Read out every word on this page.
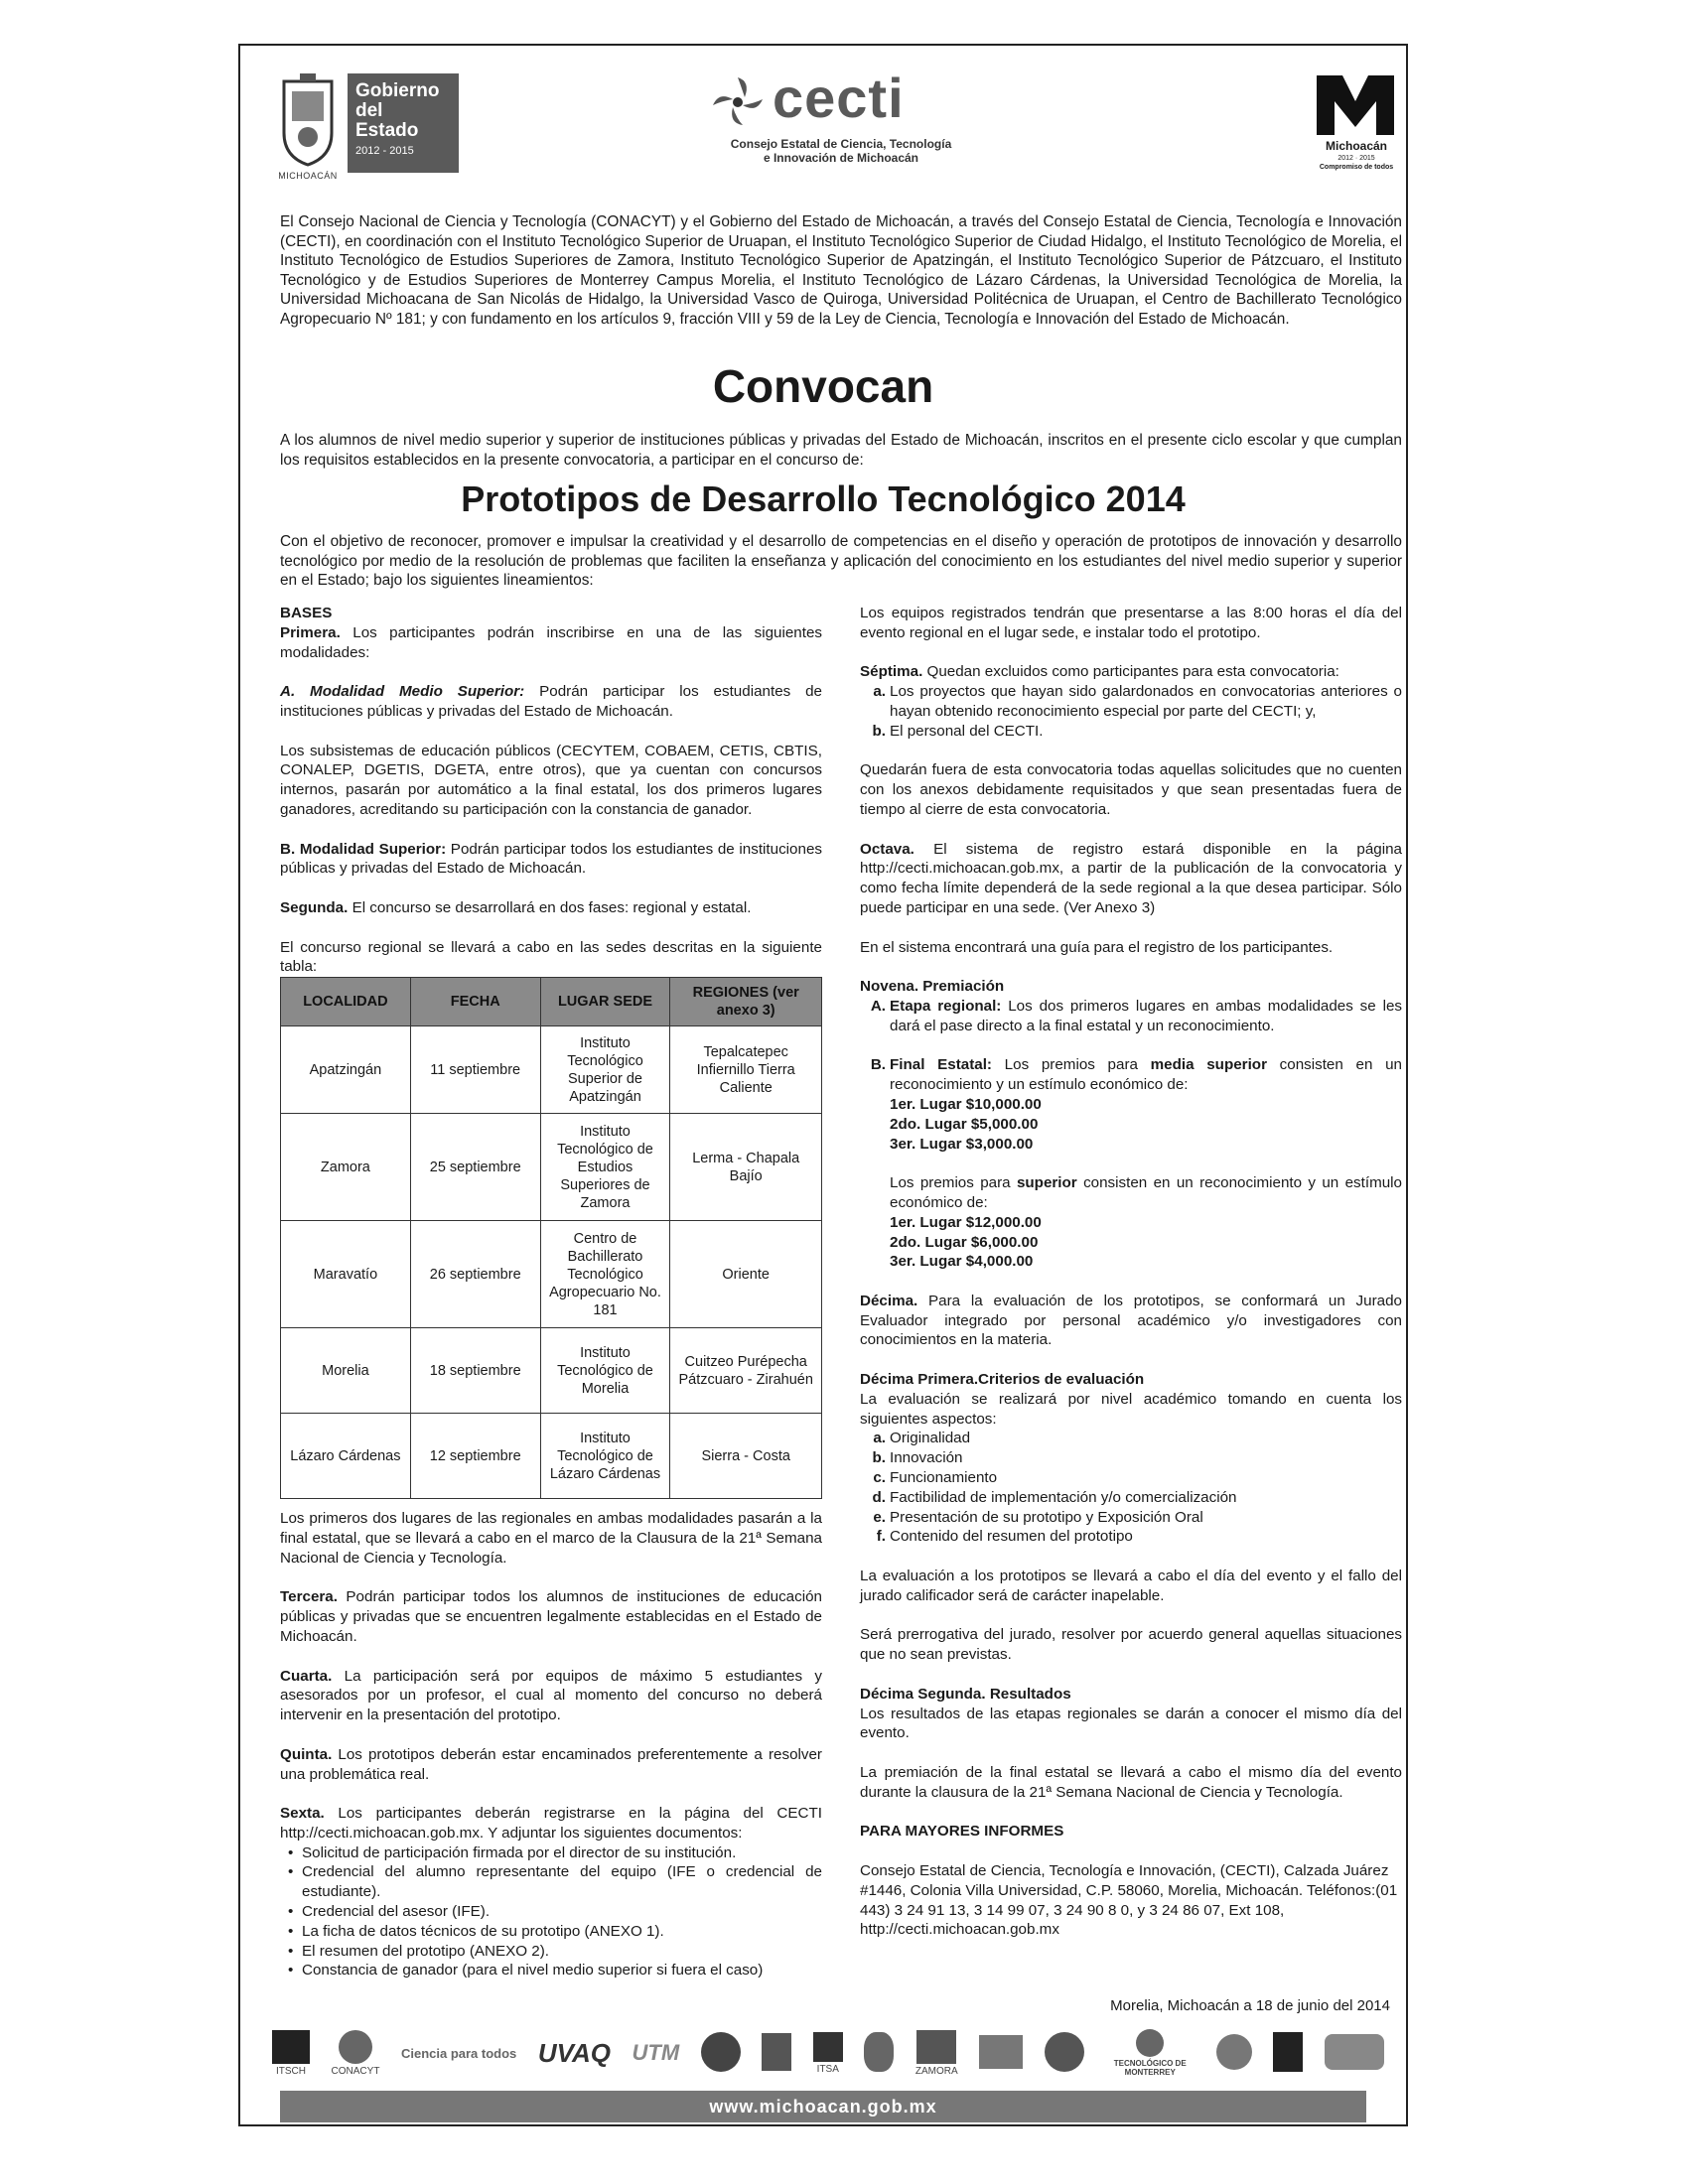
MICHOACÁN
Gobierno
del Estado
2012 - 2015
cecti
Consejo Estatal de Ciencia, Tecnología
e Innovación de Michoacán
Michoacán
2012 · 2015
Compromiso de todos
El Consejo Nacional de Ciencia y Tecnología (CONACYT) y el Gobierno del Estado de Michoacán, a través del Consejo Estatal de Ciencia, Tecnología e Innovación (CECTI), en coordinación con el Instituto Tecnológico Superior de Uruapan, el Instituto Tecnológico Superior de Ciudad Hidalgo, el Instituto Tecnológico de Morelia, el Instituto Tecnológico de Estudios Superiores de Zamora, Instituto Tecnológico Superior de Apatzingán, el Instituto Tecnológico Superior de Pátzcuaro, el Instituto Tecnológico y de Estudios Superiores de Monterrey Campus Morelia, el Instituto Tecnológico de Lázaro Cárdenas, la Universidad Tecnológica de Morelia, la Universidad Michoacana de San Nicolás de Hidalgo, la Universidad Vasco de Quiroga, Universidad Politécnica de Uruapan, el Centro de Bachillerato Tecnológico Agropecuario Nº 181; y con fundamento en los artículos 9, fracción VIII y 59 de la Ley de Ciencia, Tecnología e Innovación del Estado de Michoacán.
Convocan
A los alumnos de nivel medio superior y superior de instituciones públicas y privadas del Estado de Michoacán, inscritos en el presente ciclo escolar y que cumplan los requisitos establecidos en la presente convocatoria, a participar en el concurso de:
Prototipos de Desarrollo Tecnológico 2014
Con el objetivo de reconocer, promover e impulsar la creatividad y el desarrollo de competencias en el diseño y operación de prototipos de innovación y desarrollo tecnológico por medio de la resolución de problemas que faciliten la enseñanza y aplicación del conocimiento en los estudiantes del nivel medio superior y superior en el Estado; bajo los siguientes lineamientos:
BASES

Primera. Los participantes podrán inscribirse en una de las siguientes modalidades:

A. Modalidad Medio Superior: Podrán participar los estudiantes de instituciones públicas y privadas del Estado de Michoacán.

Los subsistemas de educación públicos (CECYTEM, COBAEM, CETIS, CBTIS, CONALEP, DGETIS, DGETA, entre otros), que ya cuentan con concursos internos, pasarán por automático a la final estatal, los dos primeros lugares ganadores, acreditando su participación con la constancia de ganador.

B. Modalidad Superior: Podrán participar todos los estudiantes de instituciones públicas y privadas del Estado de Michoacán.

Segunda. El concurso se desarrollará en dos fases: regional y estatal.

El concurso regional se llevará a cabo en las sedes descritas en la siguiente tabla:
LOCALIDAD	FECHA	LUGAR SEDE	REGIONES (ver anexo 3)
Apatzingán	11 septiembre	Instituto Tecnológico Superior de Apatzingán	Tepalcatepec Infiernillo Tierra Caliente
Zamora	25 septiembre	Instituto Tecnológico de Estudios Superiores de Zamora	Lerma - Chapala Bajío
Maravatío	26 septiembre	Centro de Bachillerato Tecnológico Agropecuario No. 181	Oriente
Morelia	18 septiembre	Instituto Tecnológico de Morelia	Cuitzeo Purépecha Pátzcuaro - Zirahuén
Lázaro Cárdenas	12 septiembre	Instituto Tecnológico de Lázaro Cárdenas	Sierra - Costa

Los primeros dos lugares de las regionales en ambas modalidades pasarán a la final estatal, que se llevará a cabo en el marco de la Clausura de la 21ª Semana Nacional de Ciencia y Tecnología.

Tercera. Podrán participar todos los alumnos de instituciones de educación públicas y privadas que se encuentren legalmente establecidas en el Estado de Michoacán.

Cuarta. La participación será por equipos de máximo 5 estudiantes y asesorados por un profesor, el cual al momento del concurso no deberá intervenir en la presentación del prototipo.

Quinta. Los prototipos deberán estar encaminados preferentemente a resolver una problemática real.

Sexta. Los participantes deberán registrarse en la página del CECTI http://cecti.michoacan.gob.mx. Y adjuntar los siguientes documentos:
• Solicitud de participación firmada por el director de su institución.
• Credencial del alumno representante del equipo (IFE o credencial de estudiante).
• Credencial del asesor (IFE).
• La ficha de datos técnicos de su prototipo (ANEXO 1).
• El resumen del prototipo (ANEXO 2).
• Constancia de ganador (para el nivel medio superior si fuera el caso)

Los equipos registrados tendrán que presentarse a las 8:00 horas el día del evento regional en el lugar sede, e instalar todo el prototipo.

Séptima. Quedan excluidos como participantes para esta convocatoria:
a. Los proyectos que hayan sido galardonados en convocatorias anteriores o hayan obtenido reconocimiento especial por parte del CECTI; y,
b. El personal del CECTI.

Quedarán fuera de esta convocatoria todas aquellas solicitudes que no cuenten con los anexos debidamente requisitados y que sean presentadas fuera de tiempo al cierre de esta convocatoria.

Octava. El sistema de registro estará disponible en la página http://cecti.michoacan.gob.mx, a partir de la publicación de la convocatoria y como fecha límite dependerá de la sede regional a la que desea participar. Sólo puede participar en una sede. (Ver Anexo 3)

En el sistema encontrará una guía para el registro de los participantes.

Novena. Premiación
A. Etapa regional: Los dos primeros lugares en ambas modalidades se les dará el pase directo a la final estatal y un reconocimiento.
B. Final Estatal: Los premios para media superior consisten en un reconocimiento y un estímulo económico de:
1er. Lugar $10,000.00
2do. Lugar $5,000.00
3er. Lugar $3,000.00
Los premios para superior consisten en un reconocimiento y un estímulo económico de:
1er. Lugar $12,000.00
2do. Lugar $6,000.00
3er. Lugar $4,000.00

Décima. Para la evaluación de los prototipos, se conformará un Jurado Evaluador integrado por personal académico y/o investigadores con conocimientos en la materia.

Décima Primera.Criterios de evaluación
La evaluación se realizará por nivel académico tomando en cuenta los siguientes aspectos:
a. Originalidad
b. Innovación
c. Funcionamiento
d. Factibilidad de implementación y/o comercialización
e. Presentación de su prototipo y Exposición Oral
f. Contenido del resumen del prototipo

La evaluación a los prototipos se llevará a cabo el día del evento y el fallo del jurado calificador será de carácter inapelable.

Será prerrogativa del jurado, resolver por acuerdo general aquellas situaciones que no sean previstas.

Décima Segunda. Resultados

Los resultados de las etapas regionales se darán a conocer el mismo día del evento.

La premiación de la final estatal se llevará a cabo el mismo día del evento durante la clausura de la 21ª Semana Nacional de Ciencia y Tecnología.

PARA MAYORES INFORMES

Consejo Estatal de Ciencia, Tecnología e Innovación, (CECTI), Calzada Juárez #1446, Colonia Villa Universidad, C.P. 58060, Morelia, Michoacán. Teléfonos:(01 443) 3 24 91 13, 3 14 99 07, 3 24 90 8 0, y 3 24 86 07, Ext 108, http://cecti.michoacan.gob.mx
Morelia, Michoacán a 18 de junio del 2014
ITSCH	CONACYT
Ciencia para todos UVAQ UTM
ITSA	ZAMORA
TECNOLÓGICO DE MONTERREY
www.michoacan.gob.mx
